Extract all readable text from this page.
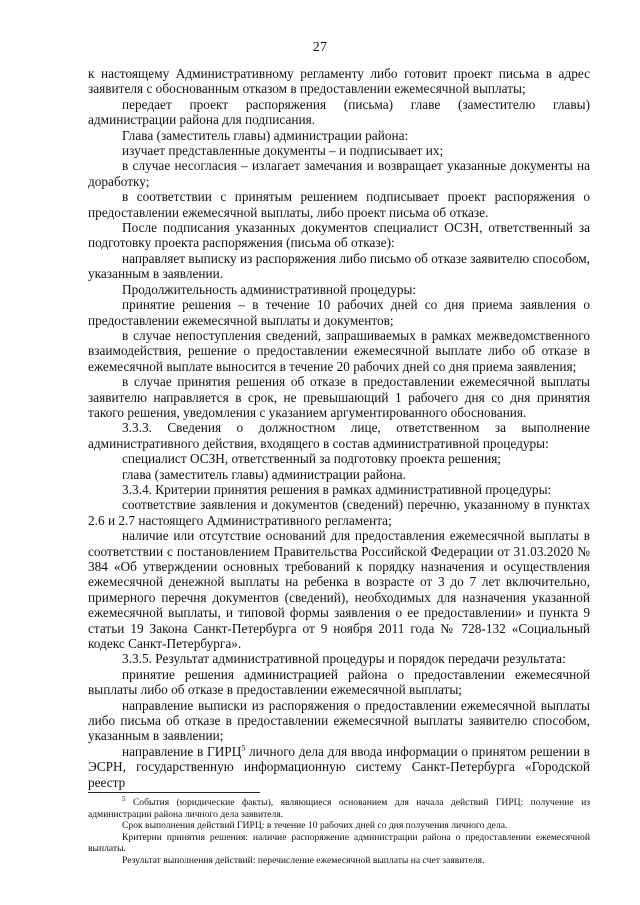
27

к настоящему Административному регламенту либо готовит проект письма в адрес заявителя с обоснованным отказом в предоставлении ежемесячной выплаты;

передает проект распоряжения (письма) главе (заместителю главы) администрации района для подписания.

Глава (заместитель главы) администрации района:

изучает представленные документы – и подписывает их;

в случае несогласия – излагает замечания и возвращает указанные документы на доработку;

в соответствии с принятым решением подписывает проект распоряжения о предоставлении ежемесячной выплаты, либо проект письма об отказе.

После подписания указанных документов специалист ОСЗН, ответственный за подготовку проекта распоряжения (письма об отказе):

направляет выписку из распоряжения либо письмо об отказе заявителю способом, указанным в заявлении.

Продолжительность административной процедуры:

принятие решения – в течение 10 рабочих дней со дня приема заявления о предоставлении ежемесячной выплаты и документов;

в случае непоступления сведений, запрашиваемых в рамках межведомственного взаимодействия, решение о предоставлении ежемесячной выплате либо об отказе в ежемесячной выплате выносится в течение 20 рабочих дней со дня приема заявления;

в случае принятия решения об отказе в предоставлении ежемесячной выплаты заявителю направляется в срок, не превышающий 1 рабочего дня со дня принятия такого решения, уведомления с указанием аргументированного обоснования.

3.3.3. Сведения о должностном лице, ответственном за выполнение административного действия, входящего в состав административной процедуры:

специалист ОСЗН, ответственный за подготовку проекта решения;

глава (заместитель главы) администрации района.

3.3.4. Критерии принятия решения в рамках административной процедуры:

соответствие заявления и документов (сведений) перечню, указанному в пунктах 2.6 и 2.7 настоящего Административного регламента;

наличие или отсутствие оснований для предоставления ежемесячной выплаты в соответствии с постановлением Правительства Российской Федерации от 31.03.2020 № 384 «Об утверждении основных требований к порядку назначения и осуществления ежемесячной денежной выплаты на ребенка в возрасте от 3 до 7 лет включительно, примерного перечня документов (сведений), необходимых для назначения указанной ежемесячной выплаты, и типовой формы заявления о ее предоставлении» и пункта 9 статьи 19 Закона Санкт-Петербурга от 9 ноября 2011 года № 728-132 «Социальный кодекс Санкт-Петербурга».

3.3.5. Результат административной процедуры и порядок передачи результата:

принятие решения администрацией района о предоставлении ежемесячной выплаты либо об отказе в предоставлении ежемесячной выплаты;

направление выписки из распоряжения о предоставлении ежемесячной выплаты либо письма об отказе в предоставлении ежемесячной выплаты заявителю способом, указанным в заявлении;

направление в ГИРЦ$^5$ личного дела для ввода информации о принятом решении в ЭСРН, государственную информационную систему Санкт-Петербурга «Городской реестр

$^5$ События (юридические факты), являющиеся основанием для начала действий ГИРЦ: получение из администрации района личного дела заявителя.

Срок выполнения действий ГИРЦ: в течение 10 рабочих дней со дня получения личного дела.

Критерии принятия решения: наличие распоряжение администрации района о предоставлении ежемесячной выплаты.

Результат выполнения действий: перечисление ежемесячной выплаты на счет заявителя.
